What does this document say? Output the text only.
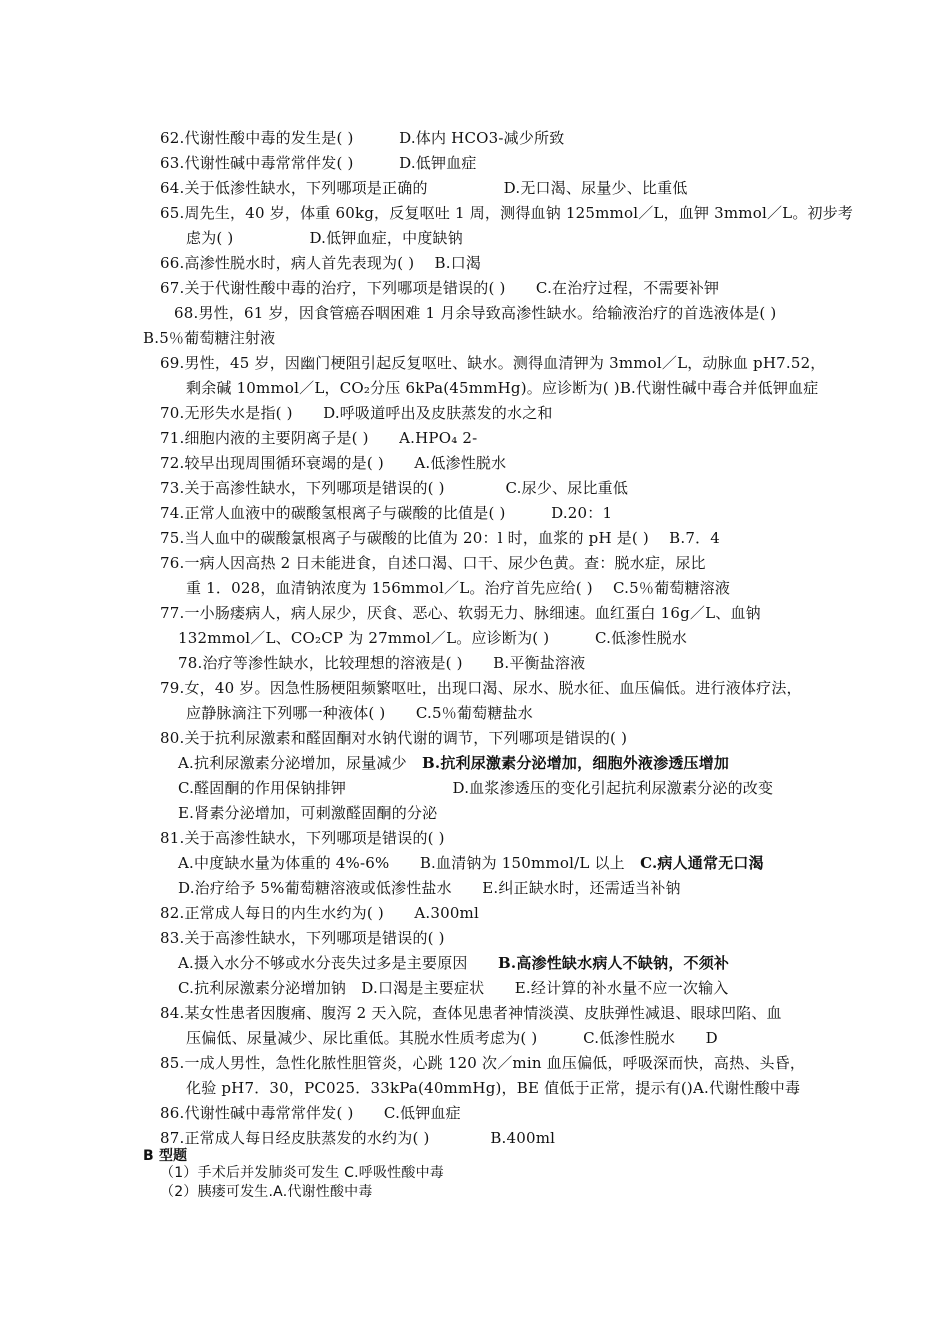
62.代谢性酸中毒的发生是( )　　　D.体内 HCO3-减少所致
63.代谢性碱中毒常常伴发( )　　　D.低钾血症
64.关于低渗性缺水，下列哪项是正确的　　　　　D.无口渴、尿量少、比重低
65.周先生，40 岁，体重 60kg，反复呕吐 1 周，测得血钠 125mmol／L，血钾 3mmol／L。初步考
虑为( )　　　　　D.低钾血症，中度缺钠
66.高渗性脱水时，病人首先表现为( )　 B.口渴
67.关于代谢性酸中毒的治疗，下列哪项是错误的( )　　C.在治疗过程，不需要补钾
68.男性，61 岁，因食管癌吞咽困难 1 月余导致高渗性缺水。给输液治疗的首选液体是( )
B.5％葡萄糖注射液
69.男性，45 岁，因幽门梗阻引起反复呕吐、缺水。测得血清钾为 3mmol／L，动脉血 pH7.52，
剩余碱 10mmol／L，CO₂分压 6kPa(45mmHg)。应诊断为( )B.代谢性碱中毒合并低钾血症
70.无形失水是指( )　　D.呼吸道呼出及皮肤蒸发的水之和
71.细胞内液的主要阴离子是( )　　A.HPO₄ 2-
72.较早出现周围循环衰竭的是( )　　A.低渗性脱水
73.关于高渗性缺水，下列哪项是错误的( )　　　　C.尿少、尿比重低
74.正常人血液中的碳酸氢根离子与碳酸的比值是( )　　　D.20：1
75.当人血中的碳酸氯根离子与碳酸的比值为 20：l 时，血浆的 pH 是( )　 B.7．4
76.一病人因高热 2 日未能进食，自述口渴、口干、尿少色黄。查：脱水症，尿比
重 1．028，血清钠浓度为 156mmol／L。治疗首先应给( )　 C.5％葡萄糖溶液
77.一小肠瘘病人，病人尿少，厌食、恶心、软弱无力、脉细速。血红蛋白 16g／L、血钠
132mmol／L、CO₂CP 为 27mmol／L。应诊断为( )　　　C.低渗性脱水
78.治疗等渗性缺水，比较理想的溶液是( )　　B.平衡盐溶液
79.女，40 岁。因急性肠梗阻频繁呕吐，出现口渴、尿水、脱水征、血压偏低。进行液体疗法，
应静脉滴注下列哪一种液体( )　　C.5％葡萄糖盐水
80.关于抗利尿激素和醛固酮对水钠代谢的调节，下列哪项是错误的( )
A.抗利尿激素分泌增加，尿量减少　B.抗利尿激素分泌增加，细胞外液渗透压增加
C.醛固酮的作用保钠排钾　　　　　　　D.血浆渗透压的变化引起抗利尿激素分泌的改变
E.肾素分泌增加，可刺激醛固酮的分泌
81.关于高渗性缺水，下列哪项是错误的( )
A.中度缺水量为体重的 4%-6%　　B.血清钠为 150mmol/L 以上　C.病人通常无口渴
D.治疗给予 5%葡萄糖溶液或低渗性盐水　　E.纠正缺水时，还需适当补钠
82.正常成人每日的内生水约为( )　　A.300ml
83.关于高渗性缺水，下列哪项是错误的( )
A.摄入水分不够或水分丧失过多是主要原因　　B.高渗性缺水病人不缺钠，不须补
C.抗利尿激素分泌增加钠　D.口渴是主要症状　　E.经计算的补水量不应一次输入
84.某女性患者因腹痛、腹泻 2 天入院，查体见患者神情淡漠、皮肤弹性减退、眼球凹陷、血
压偏低、尿量减少、尿比重低。其脱水性质考虑为( )　　　C.低渗性脱水　　D
85.一成人男性，急性化脓性胆管炎，心跳 120 次／min 血压偏低，呼吸深而快，高热、头昏，
化验 pH7．30，PC025．33kPa(40mmHg)，BE 值低于正常，提示有()A.代谢性酸中毒
86.代谢性碱中毒常常伴发( )　　C.低钾血症
87.正常成人每日经皮肤蒸发的水约为( )　　　　B.400ml
B 型题
（1）手术后并发肺炎可发生 C.呼吸性酸中毒
（2）胰瘘可发生.A.代谢性酸中毒
